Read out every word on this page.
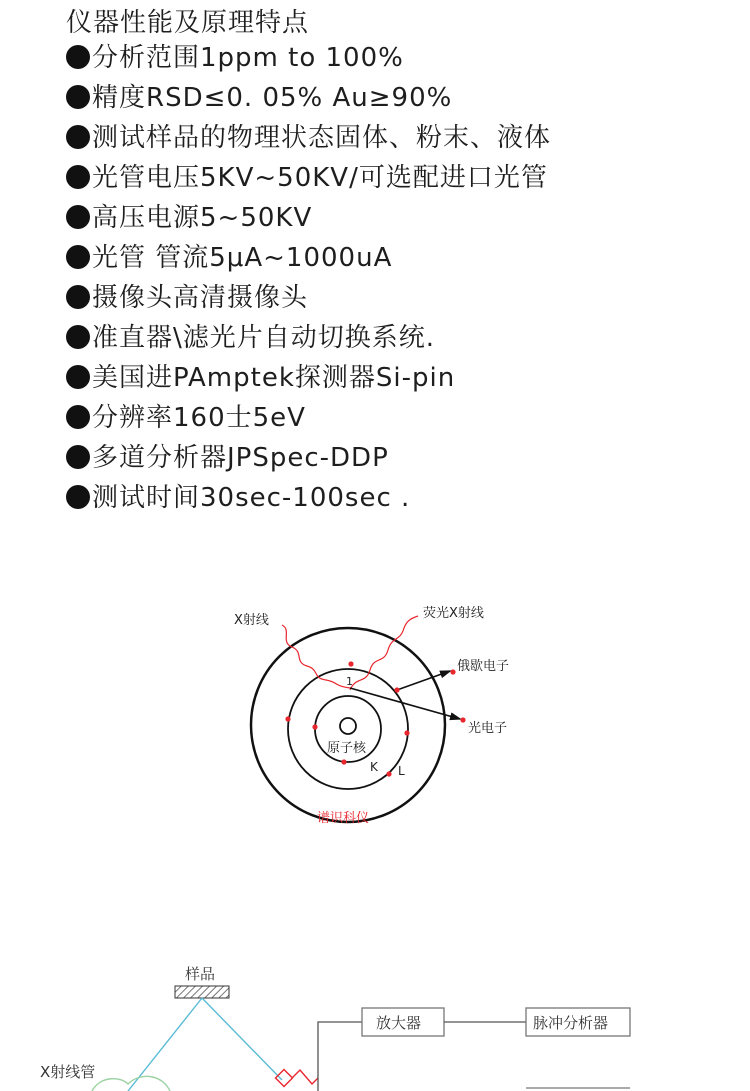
仪器性能及原理特点
分析范围1ppm to 100%
精度RSD≤0. 05% Au≥90%
测试样品的物理状态固体、粉末、液体
光管电压5KV~50KV/可选配进口光管
高压电源5~50KV
光管 管流5μA~1000uA
摄像头高清摄像头
准直器\滤光片自动切换系统.
美国进PAmptek探测器Si-pin
分辨率160士5eV
多道分析器JPSpec-DDP
测试时间30sec-100sec .
X射线	荧光X射线
俄歇电子
光电子
原子核
K L
1
谱识科仪
样品
X射线管
放大器	脉冲分析器
